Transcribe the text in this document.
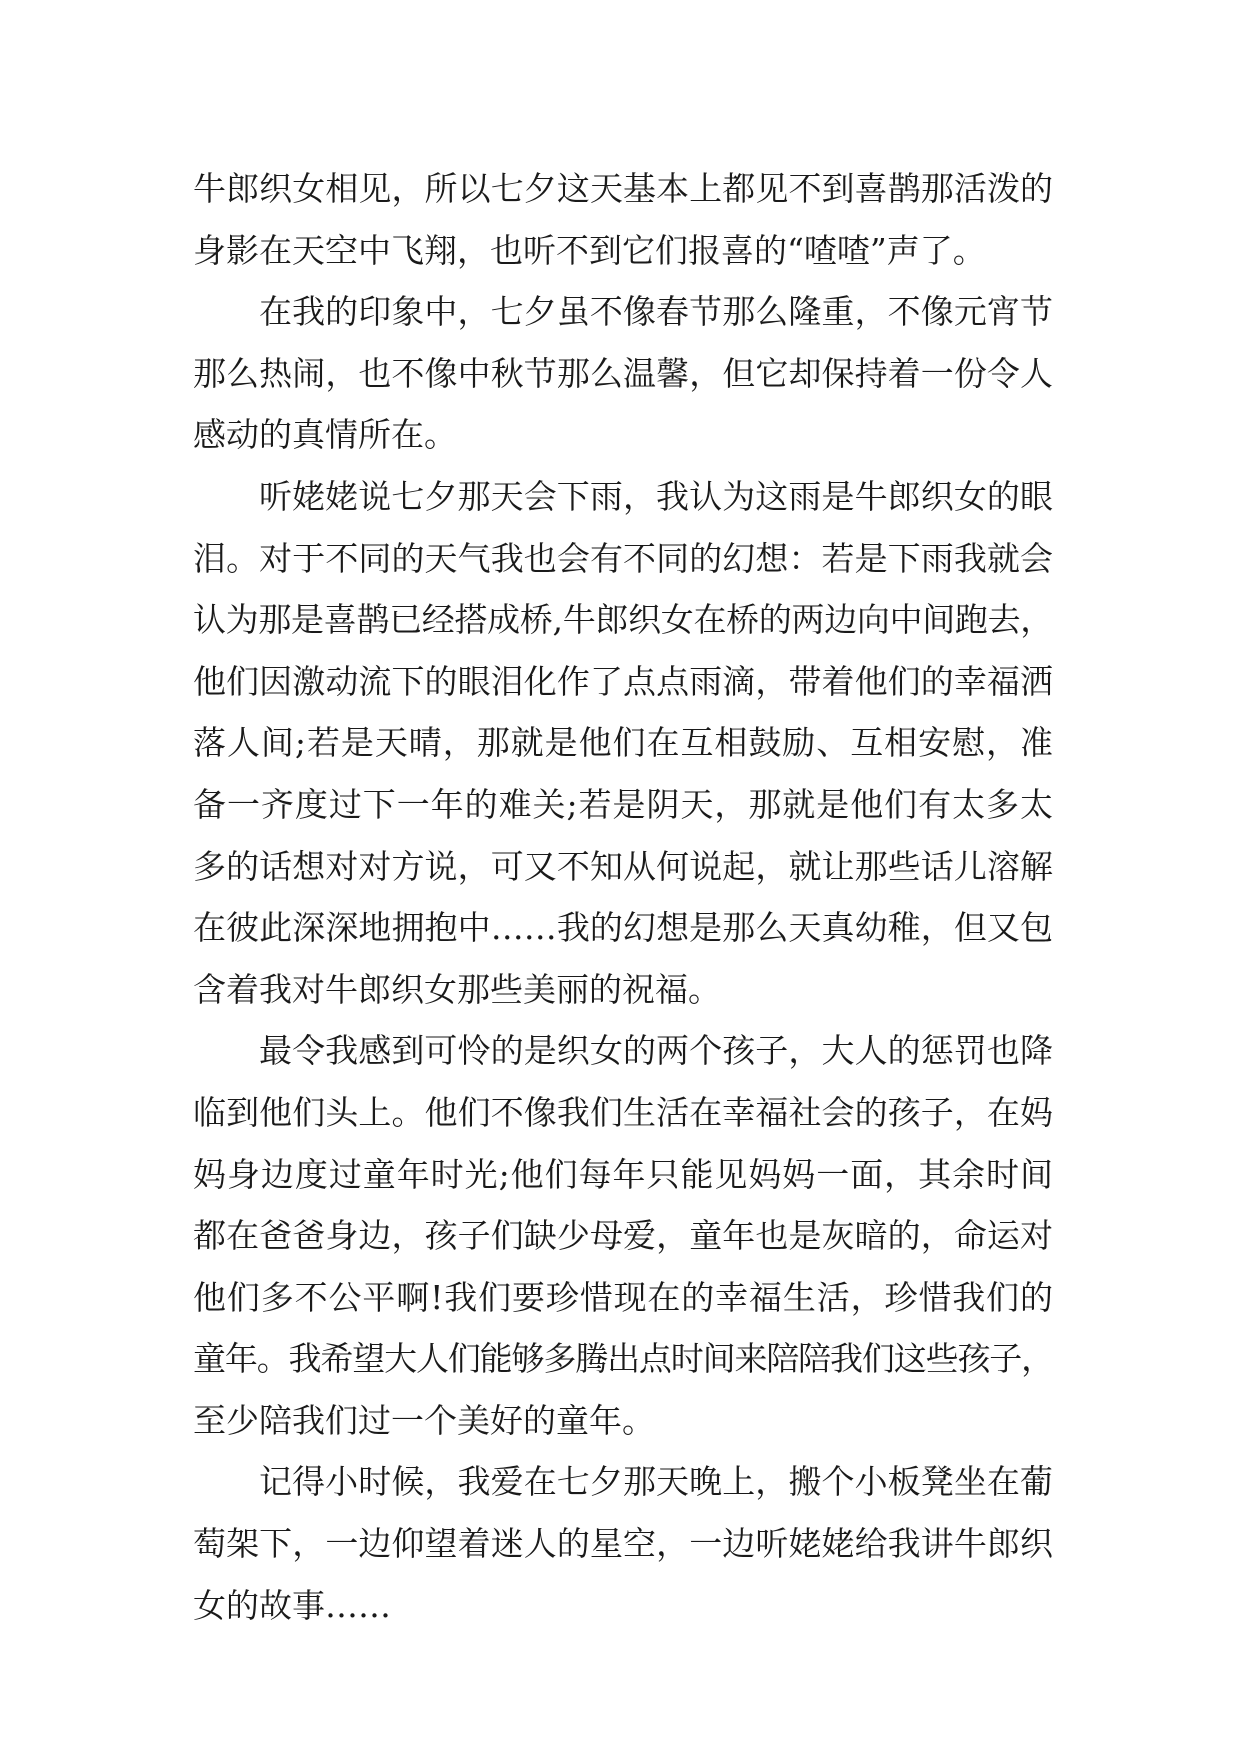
牛郎织女相见，所以七夕这天基本上都见不到喜鹊那活泼的
身影在天空中飞翔，也听不到它们报喜的“喳喳”声了。
在我的印象中，七夕虽不像春节那么隆重，不像元宵节
那么热闹，也不像中秋节那么温馨，但它却保持着一份令人
感动的真情所在。
听姥姥说七夕那天会下雨，我认为这雨是牛郎织女的眼
泪。对于不同的天气我也会有不同的幻想：若是下雨我就会
认为那是喜鹊已经搭成桥,牛郎织女在桥的两边向中间跑去，
他们因激动流下的眼泪化作了点点雨滴，带着他们的幸福洒
落人间;若是天晴，那就是他们在互相鼓励、互相安慰，准
备一齐度过下一年的难关;若是阴天，那就是他们有太多太
多的话想对对方说，可又不知从何说起，就让那些话儿溶解
在彼此深深地拥抱中……我的幻想是那么天真幼稚，但又包
含着我对牛郎织女那些美丽的祝福。
最令我感到可怜的是织女的两个孩子，大人的惩罚也降
临到他们头上。他们不像我们生活在幸福社会的孩子，在妈
妈身边度过童年时光;他们每年只能见妈妈一面，其余时间
都在爸爸身边，孩子们缺少母爱，童年也是灰暗的，命运对
他们多不公平啊!我们要珍惜现在的幸福生活，珍惜我们的
童年。我希望大人们能够多腾出点时间来陪陪我们这些孩子，
至少陪我们过一个美好的童年。
记得小时候，我爱在七夕那天晚上，搬个小板凳坐在葡
萄架下，一边仰望着迷人的星空，一边听姥姥给我讲牛郎织
女的故事……
